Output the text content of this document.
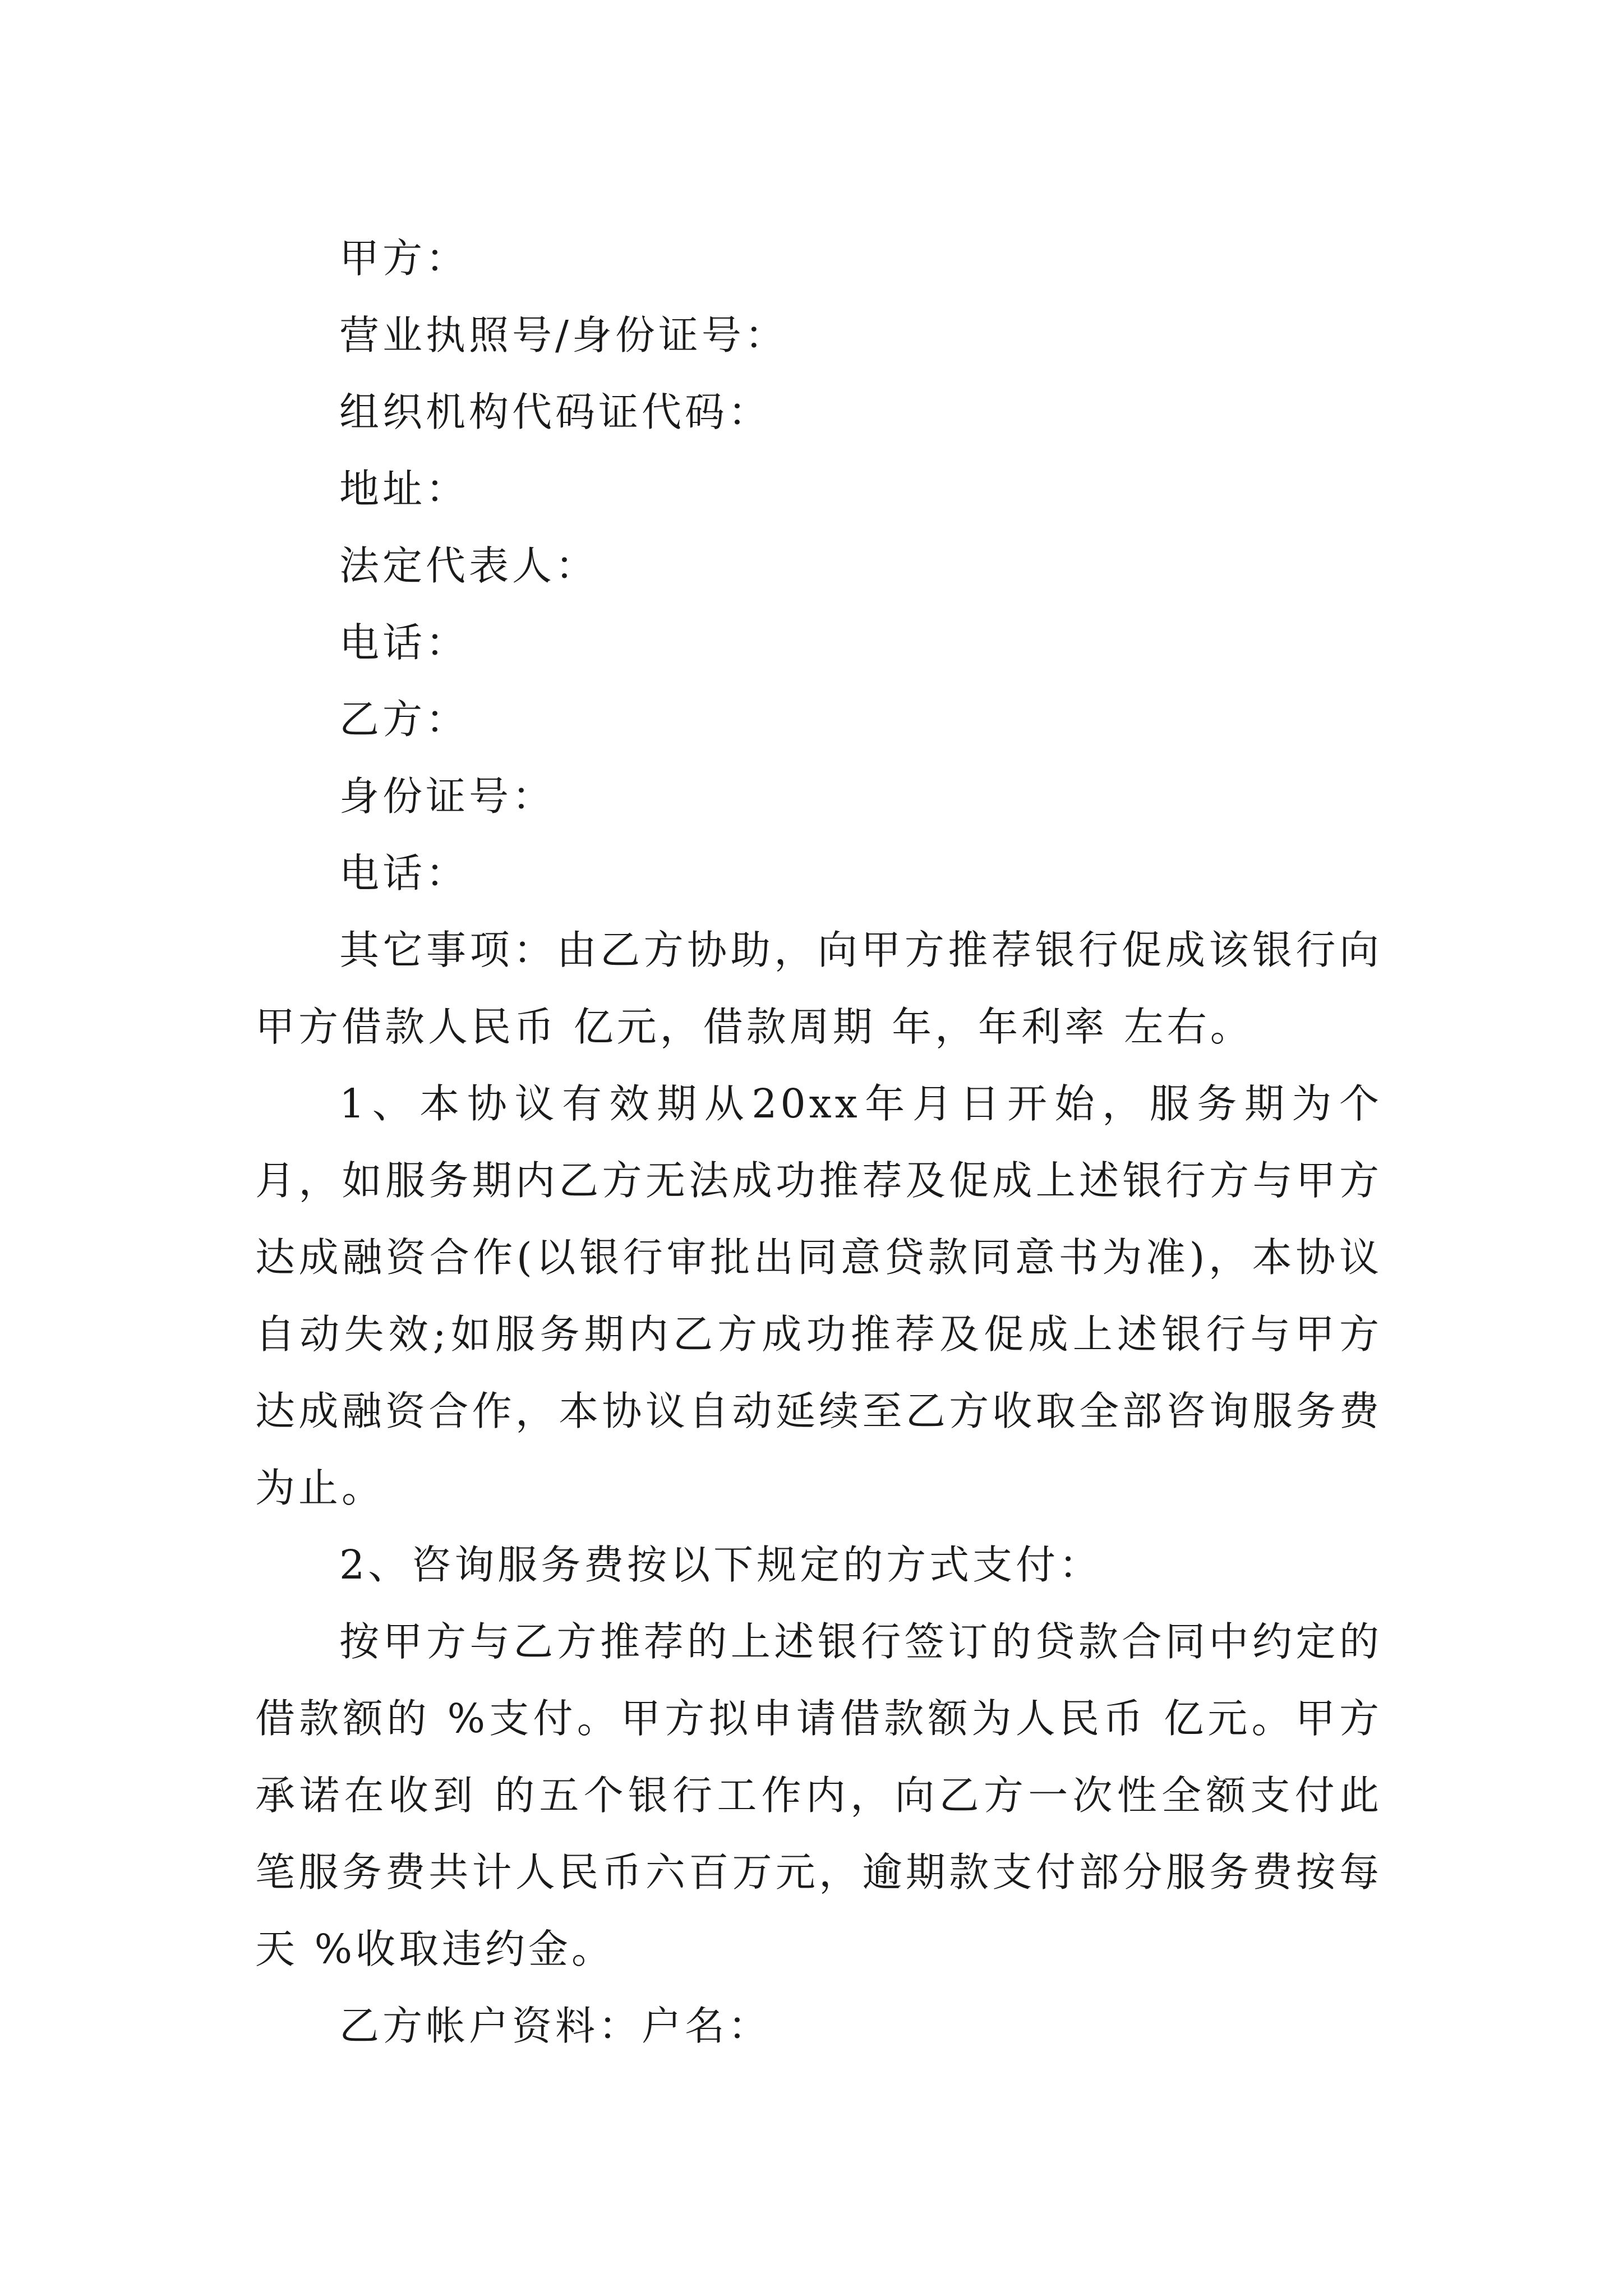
甲方：

营业执照号/身份证号：

组织机构代码证代码：

地址：

法定代表人：

电话：

乙方：

身份证号：

电话：

其它事项：由乙方协助，向甲方推荐银行促成该银行向甲方借款人民币 亿元，借款周期 年，年利率 左右。

1、本协议有效期从20xx年月日开始，服务期为个月，如服务期内乙方无法成功推荐及促成上述银行方与甲方达成融资合作(以银行审批出同意贷款同意书为准)，本协议自动失效;如服务期内乙方成功推荐及促成上述银行与甲方达成融资合作，本协议自动延续至乙方收取全部咨询服务费为止。

2、咨询服务费按以下规定的方式支付：

按甲方与乙方推荐的上述银行签订的贷款合同中约定的借款额的 %支付。甲方拟申请借款额为人民币 亿元。甲方承诺在收到 的五个银行工作内，向乙方一次性全额支付此笔服务费共计人民币六百万元，逾期款支付部分服务费按每天 %收取违约金。

乙方帐户资料：户名：
